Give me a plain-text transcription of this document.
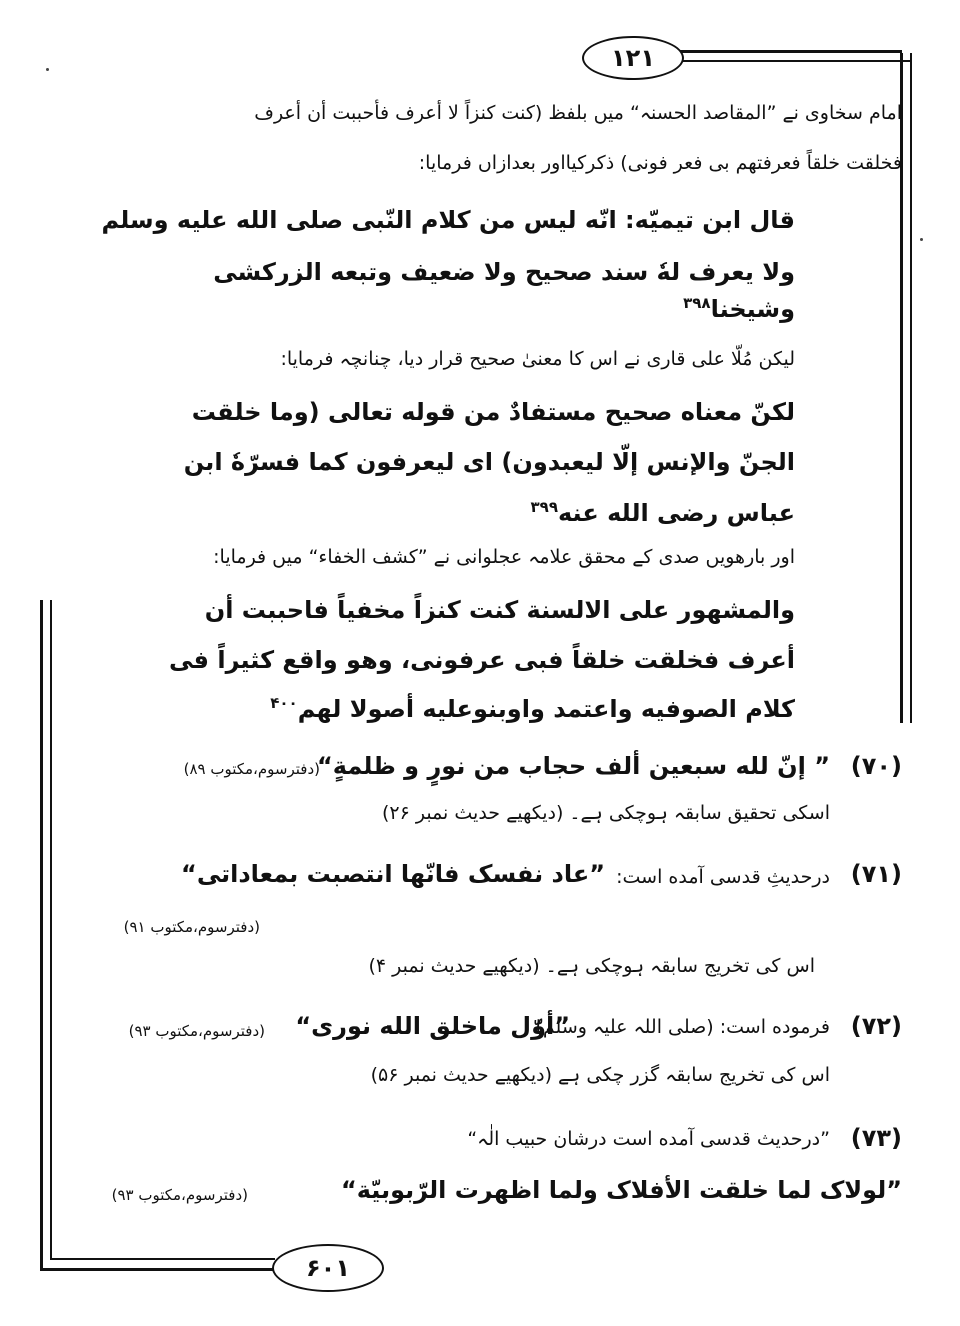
۱۲۱
۶۰۱
امام سخاوی نے ”المقاصد الحسنہ“ میں بلفظ (کنت کنزاً لا أعرف فأحببت أن أعرف
فخلقت خلقاً فعرفتهم بى فعر فونى) ذکرکیااور بعدازاں فرمایا:
قال ابن تيميّه: انّه ليس من كلام النّبى صلى الله عليه وسلم
ولا يعرف لهٗ سند صحيح ولا ضعيف وتبعه الزركشى
وشيخنا$^{۳۹۸}$
لیکن مُلّا علی قاری نے اس کا معنیٰ صحیح قرار دیا، چنانچہ فرمایا:
لكنّ معناه صحيح مستفادٌ من قوله تعالى (وما خلقت
الجنّ والإنس إلّا ليعبدون) اى ليعرفون كما فسرّهٗ ابن
عباس رضى الله عنه$^{۳۹۹}$
اور بارھویں صدی کے محقق علامہ عجلوانی نے ”کشف الخفاء“ میں فرمایا:
والمشهور على الالسنة كنت كنزاً مخفياً فاحببت أن
أعرف فخلقت خلقاً فبى عرفونى، وهو واقع كثيراً فى
كلام الصوفيه واعتمد واوبنوعليه أصولا لهم$^{۴۰۰}$
(۷۰)
” إنّ لله سبعين ألف حجاب من نورٍ و ظلمةٍ“
(دفترسوم،مکتوب ۸۹)
اسکی تحقیق سابقہ ہوچکی ہے۔ (دیکھیے حدیث نمبر ۲۶)
(۷۱)
درحدیثِ قدسی آمده است:
”عاد نفسک فانّها انتصبت بمعاداتى“
(دفترسوم،مکتوب ۹۱)
اس کی تخریج سابقہ ہوچکی ہے۔ (دیکھیے حدیث نمبر ۴)
(۷۲)
فرموده است: (صلی اللہ علیہ وسلم)
”أوّل ماخلق الله نورى“
(دفترسوم،مکتوب ۹۳)
اس کی تخریج سابقہ گزر چکی ہے (دیکھیے حدیث نمبر ۵۶)
(۷۳)
”درحدیث قدسی آمده است درشان حبیب الٰہ“
”لولاک لما خلقت الأفلاک ولما اظهرت الرّبوبيّة“
(دفترسوم،مکتوب ۹۳)
